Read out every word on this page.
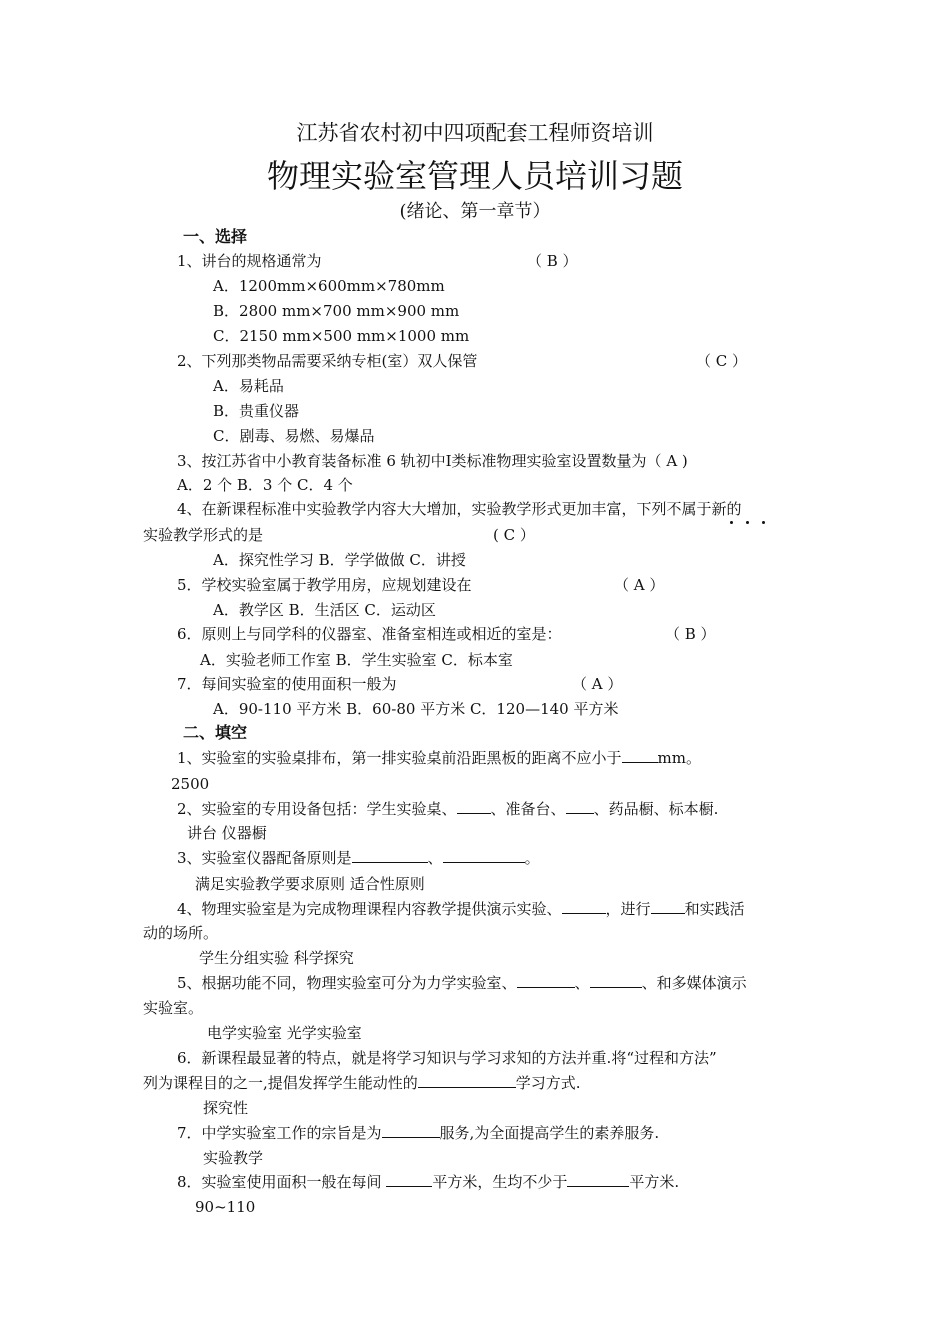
江苏省农村初中四项配套工程师资培训
物理实验室管理人员培训习题
(绪论、第一章节）
一、选择
1、讲台的规格通常为	（ B ）
A．1200mm×600mm×780mm
B．2800 mm×700 mm×900 mm
C．2150 mm×500 mm×1000 mm
2、下列那类物品需要采纳专柜(室）双人保管	（ C ）
A．易耗品
B．贵重仪器
C．剧毒、易燃、易爆品
3、按江苏省中小教育装备标准 6 轨初中Ⅰ类标准物理实验室设置数量为（ A )
A．2 个 B．3 个 C．4 个
4、在新课程标准中实验教学内容大大增加，实验教学形式更加丰富，下列不属于新的
实验教学形式的是	( C ）
A．探究性学习 B．学学做做 C．讲授
5．学校实验室属于教学用房，应规划建设在	（ A ）
A．教学区 B．生活区 C．运动区
6．原则上与同学科的仪器室、准备室相连或相近的室是：	（ B ）
A．实验老师工作室 B．学生实验室 C．标本室
7．每间实验室的使用面积一般为	（ A ）
A．90-110 平方米 B．60-80 平方米 C．120—140 平方米
二、填空
1、实验室的实验桌排布，第一排实验桌前沿距黑板的距离不应小于 mm。
2500
2、实验室的专用设备包括：学生实验桌、 、准备台、 、药品橱、标本橱.
讲台 仪器橱
3、实验室仪器配备原则是	、	。
满足实验教学要求原则 适合性原则
4、物理实验室是为完成物理课程内容教学提供演示实验、	，进行 和实践活
动的场所。
学生分组实验 科学探究
5、根据功能不同，物理实验室可分为力学实验室、	、	、和多媒体演示
实验室。
电学实验室 光学实验室
6．新课程最显著的特点，就是将学习知识与学习求知的方法并重.将“过程和方法”
列为课程目的之一,提倡发挥学生能动性的	学习方式.
探究性
7．中学实验室工作的宗旨是为	服务,为全面提高学生的素养服务.
实验教学
8．实验室使用面积一般在每间	平方米，生均不少于	平方米.
90~110
